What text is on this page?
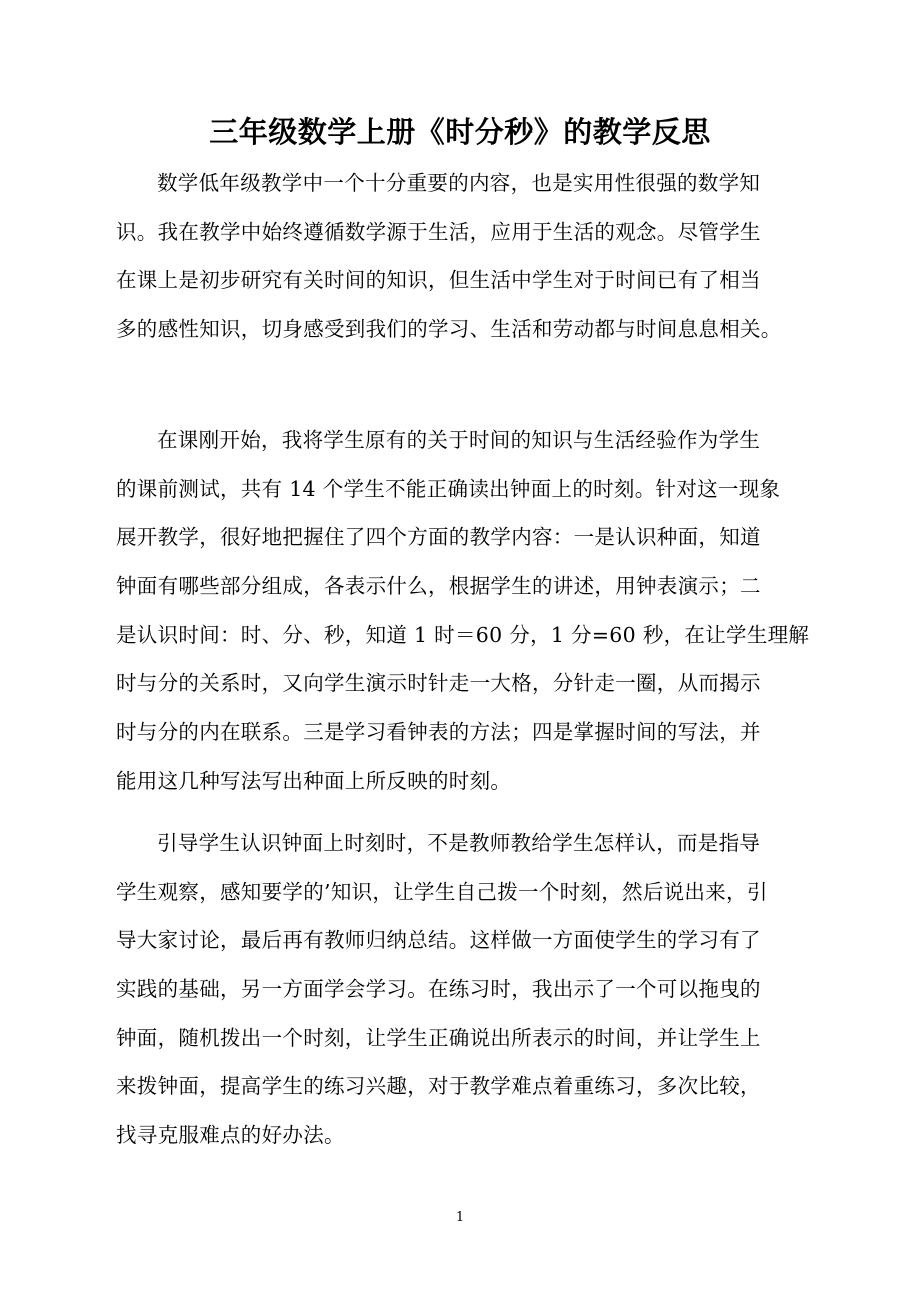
三年级数学上册《时分秒》的教学反思
数学低年级教学中一个十分重要的内容，也是实用性很强的数学知
识。我在教学中始终遵循数学源于生活，应用于生活的观念。尽管学生
在课上是初步研究有关时间的知识，但生活中学生对于时间已有了相当
多的感性知识，切身感受到我们的学习、生活和劳动都与时间息息相关。
在课刚开始，我将学生原有的关于时间的知识与生活经验作为学生
的课前测试，共有 14 个学生不能正确读出钟面上的时刻。针对这一现象
展开教学，很好地把握住了四个方面的教学内容：一是认识种面，知道
钟面有哪些部分组成，各表示什么，根据学生的讲述，用钟表演示；二
是认识时间：时、分、秒，知道 1 时＝60 分，1 分=60 秒，在让学生理解
时与分的关系时，又向学生演示时针走一大格，分针走一圈，从而揭示
时与分的内在联系。三是学习看钟表的方法；四是掌握时间的写法，并
能用这几种写法写出种面上所反映的时刻。
引导学生认识钟面上时刻时，不是教师教给学生怎样认，而是指导
学生观察，感知要学的’知识，让学生自己拨一个时刻，然后说出来，引
导大家讨论，最后再有教师归纳总结。这样做一方面使学生的学习有了
实践的基础，另一方面学会学习。在练习时，我出示了一个可以拖曳的
钟面，随机拨出一个时刻，让学生正确说出所表示的时间，并让学生上
来拨钟面，提高学生的练习兴趣，对于教学难点着重练习，多次比较，
找寻克服难点的好办法。
1
